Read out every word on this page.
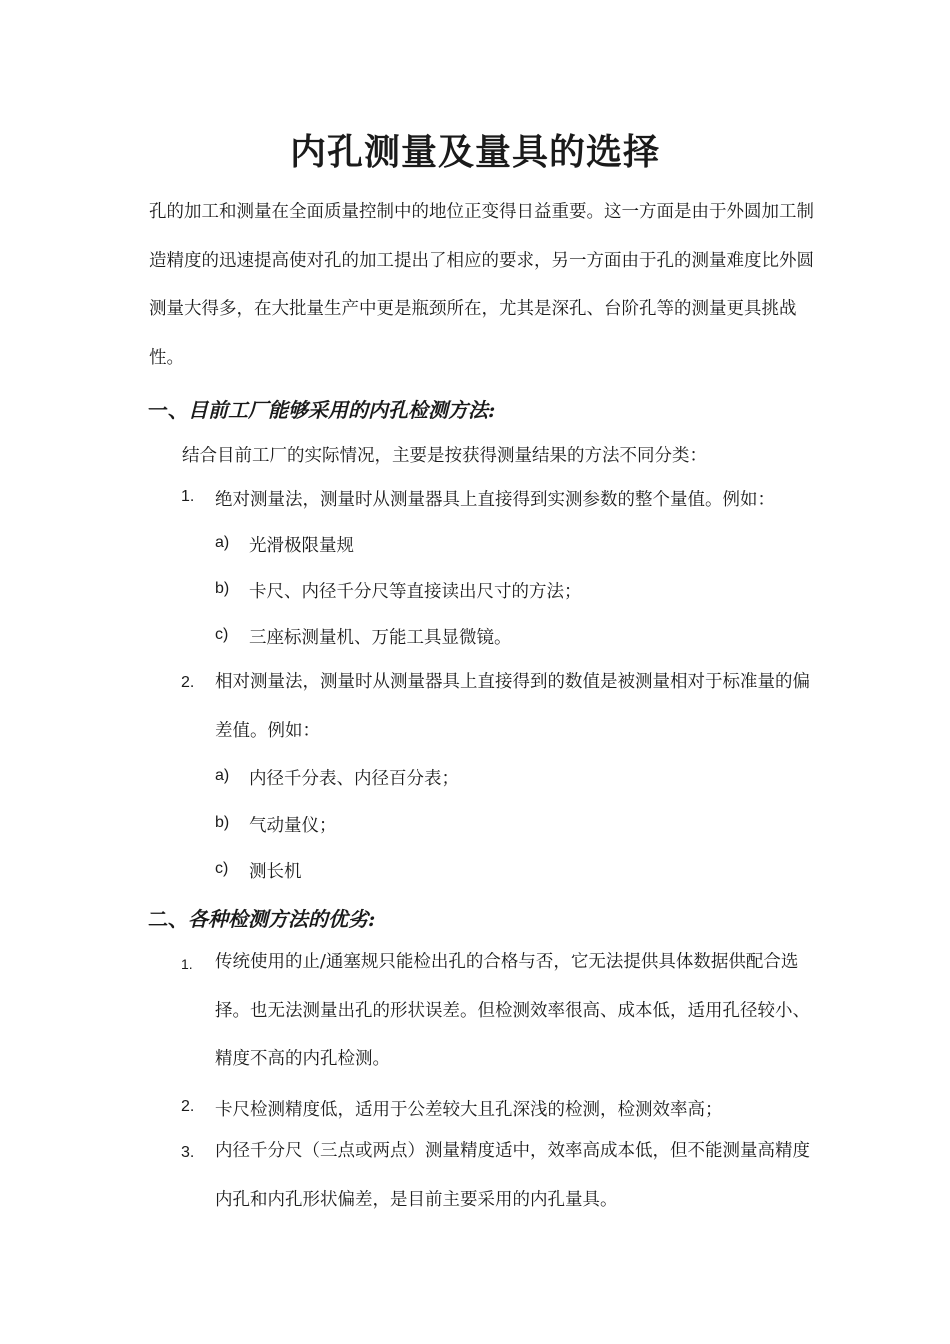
内孔测量及量具的选择
孔的加工和测量在全面质量控制中的地位正变得日益重要。这一方面是由于外圆加工制造精度的迅速提高使对孔的加工提出了相应的要求，另一方面由于孔的测量难度比外圆测量大得多，在大批量生产中更是瓶颈所在，尤其是深孔、台阶孔等的测量更具挑战性。
一、目前工厂能够采用的内孔检测方法:
结合目前工厂的实际情况，主要是按获得测量结果的方法不同分类：
1. 绝对测量法，测量时从测量器具上直接得到实测参数的整个量值。例如：
a) 光滑极限量规
b) 卡尺、内径千分尺等直接读出尺寸的方法；
c) 三座标测量机、万能工具显微镜。
2. 相对测量法，测量时从测量器具上直接得到的数值是被测量相对于标准量的偏差值。例如：
a) 内径千分表、内径百分表；
b) 气动量仪；
c) 测长机
二、各种检测方法的优劣:
1. 传统使用的止/通塞规只能检出孔的合格与否，它无法提供具体数据供配合选择。也无法测量出孔的形状误差。但检测效率很高、成本低，适用孔径较小、精度不高的内孔检测。
2. 卡尺检测精度低，适用于公差较大且孔深浅的检测，检测效率高；
3. 内径千分尺（三点或两点）测量精度适中，效率高成本低，但不能测量高精度内孔和内孔形状偏差，是目前主要采用的内孔量具。
